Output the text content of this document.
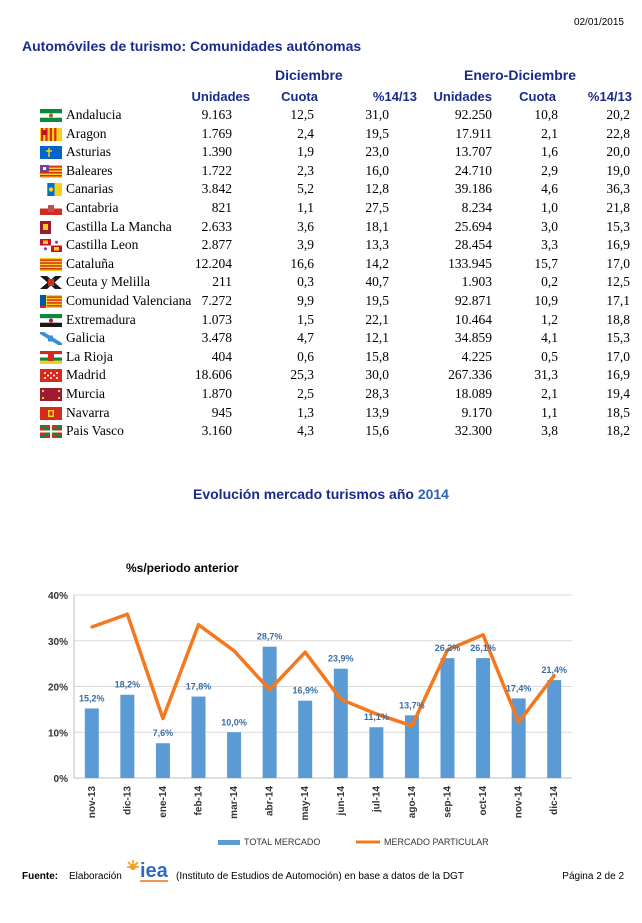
02/01/2015
Automóviles de turismo: Comunidades autónomas
Diciembre	Enero-Diciembre
Unidades Cuota	%14/13 Unidades Cuota %14/13
Andalucia	9.163	12,5	31,0	92.250	10,8	20,2
Aragon	1.769	2,4	19,5	17.911	2,1	22,8
Asturias	1.390	1,9	23,0	13.707	1,6	20,0
Baleares	1.722	2,3	16,0	24.710	2,9	19,0
Canarias	3.842	5,2	12,8	39.186	4,6	36,3
Cantabria	821	1,1	27,5	8.234	1,0	21,8
Castilla La Mancha 2.633	3,6	18,1	25.694	3,0	15,3
Castilla Leon	2.877	3,9	13,3	28.454	3,3	16,9
Cataluña	12.204	16,6	14,2	133.945	15,7	17,0
Ceuta y Melilla	211	0,3	40,7	1.903	0,2	12,5
Comunidad Valenciana 7.272	9,9	19,5	92.871	10,9	17,1
Extremadura	1.073	1,5	22,1	10.464	1,2	18,8
Galicia	3.478	4,7	12,1	34.859	4,1	15,3
La Rioja	404	0,6	15,8	4.225	0,5	17,0
Madrid	18.606	25,3	30,0	267.336	31,3	16,9
Murcia	1.870	2,5	28,3	18.089	2,1	19,4
Navarra	945	1,3	13,9	9.170	1,1	18,5
Pais Vasco	3.160	4,3	15,6	32.300	3,8	18,2
Evolución mercado turismos año 2014
%s/periodo anterior
0%
10%
20%
30%
40%
15,2%
18,2%
7,6%
17,8%
10,0%
28,7%
16,9%
23,9%
11,1%
13,7%
26,2% 26,1%
17,4%
21,4%
nov-13 dic-13 ene-14 feb-14 mar-14 abr-14 may-14 jun-14 jul-14 ago-14 sep-14 oct-14 nov-14 dic-14
TOTAL MERCADO	MERCADO PARTICULAR
Fuente: Elaboración iea (Instituto de Estudios de Automoción) en base a datos de la DGT	Página 2 de 2
